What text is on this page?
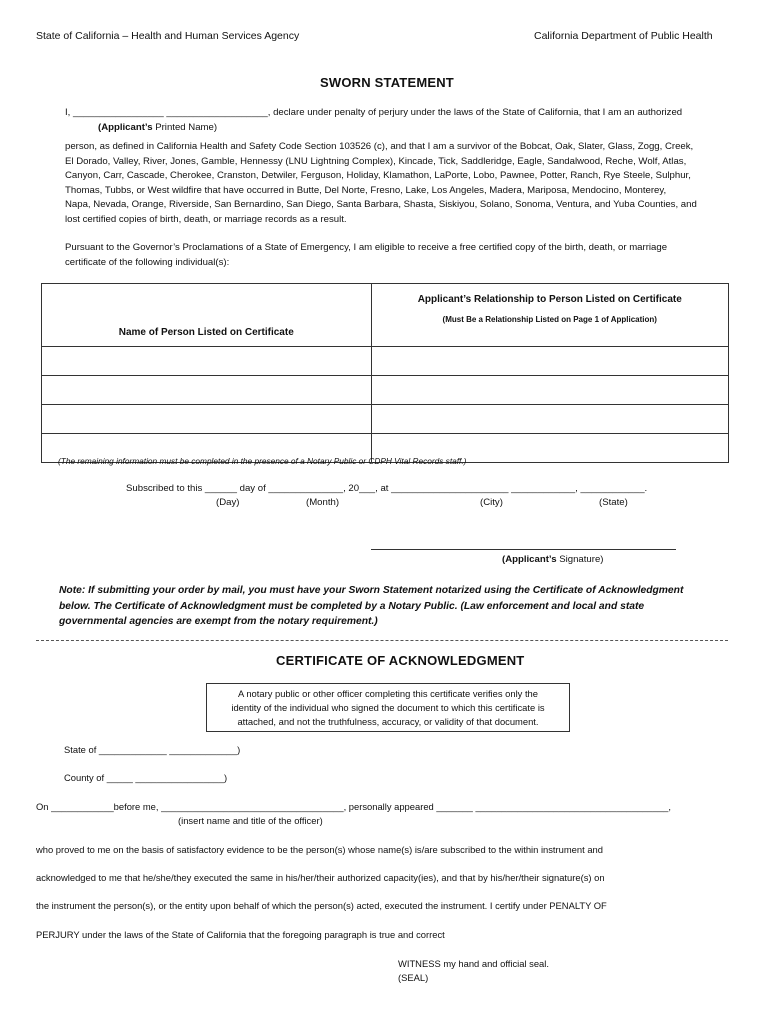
State of California – Health and Human Services Agency	California Department of Public Health
SWORN STATEMENT
I, _________________ ___________________, declare under penalty of perjury under the laws of the State of California, that I am an authorized
(Applicant’s Printed Name)

person, as defined in California Health and Safety Code Section 103526 (c), and that I am a survivor of the Bobcat, Oak, Slater, Glass, Zogg, Creek,

El Dorado, Valley, River, Jones, Gamble, Hennessy (LNU Lightning Complex), Kincade, Tick, Saddleridge, Eagle, Sandalwood, Reche, Wolf, Atlas,

Canyon, Carr, Cascade, Cherokee, Cranston, Detwiler, Ferguson, Holiday, Klamathon, LaPorte, Lobo, Pawnee, Potter, Ranch, Rye Steele, Sulphur,

Thomas, Tubbs, or West wildfire that have occurred in Butte, Del Norte, Fresno, Lake, Los Angeles, Madera, Mariposa, Mendocino, Monterey,

Napa, Nevada, Orange, Riverside, San Bernardino, San Diego, Santa Barbara, Shasta, Siskiyou, Solano, Sonoma, Ventura, and Yuba Counties, and

lost certified copies of birth, death, or marriage records as a result.

Pursuant to the Governor’s Proclamations of a State of Emergency, I am eligible to receive a free certified copy of the birth, death, or marriage

certificate of the following individual(s):

Name of Person Listed on Certificate	Applicant’s Relationship to Person Listed on Certificate
(Must Be a Relationship Listed on Page 1 of Application)

(The remaining information must be completed in the presence of a Notary Public or CDPH Vital Records staff.)
Subscribed to this ______ day of ______________, 20___, at ______________________ ____________, ____________.
(Day)	(Month)	(City)	(State)
(Applicant’s Signature)
Note: If submitting your order by mail, you must have your Sworn Statement notarized using the Certificate of Acknowledgment
below. The Certificate of Acknowledgment must be completed by a Notary Public. (Law enforcement and local and state
governmental agencies are exempt from the notary requirement.)
CERTIFICATE OF ACKNOWLEDGMENT
A notary public or other officer completing this certificate verifies only the
identity of the individual who signed the document to which this certificate is
attached, and not the truthfulness, accuracy, or validity of that document.
State of _____________ _____________)
County of _____ _________________)
On ____________before me, ___________________________________, personally appeared _______ _____________________________________,
(insert name and title of the officer)
who proved to me on the basis of satisfactory evidence to be the person(s) whose name(s) is/are subscribed to the within instrument and
acknowledged to me that he/she/they executed the same in his/her/their authorized capacity(ies), and that by his/her/their signature(s) on
the instrument the person(s), or the entity upon behalf of which the person(s) acted, executed the instrument. I certify under PENALTY OF
PERJURY under the laws of the State of California that the foregoing paragraph is true and correct
WITNESS my hand and official seal.
(SEAL)
